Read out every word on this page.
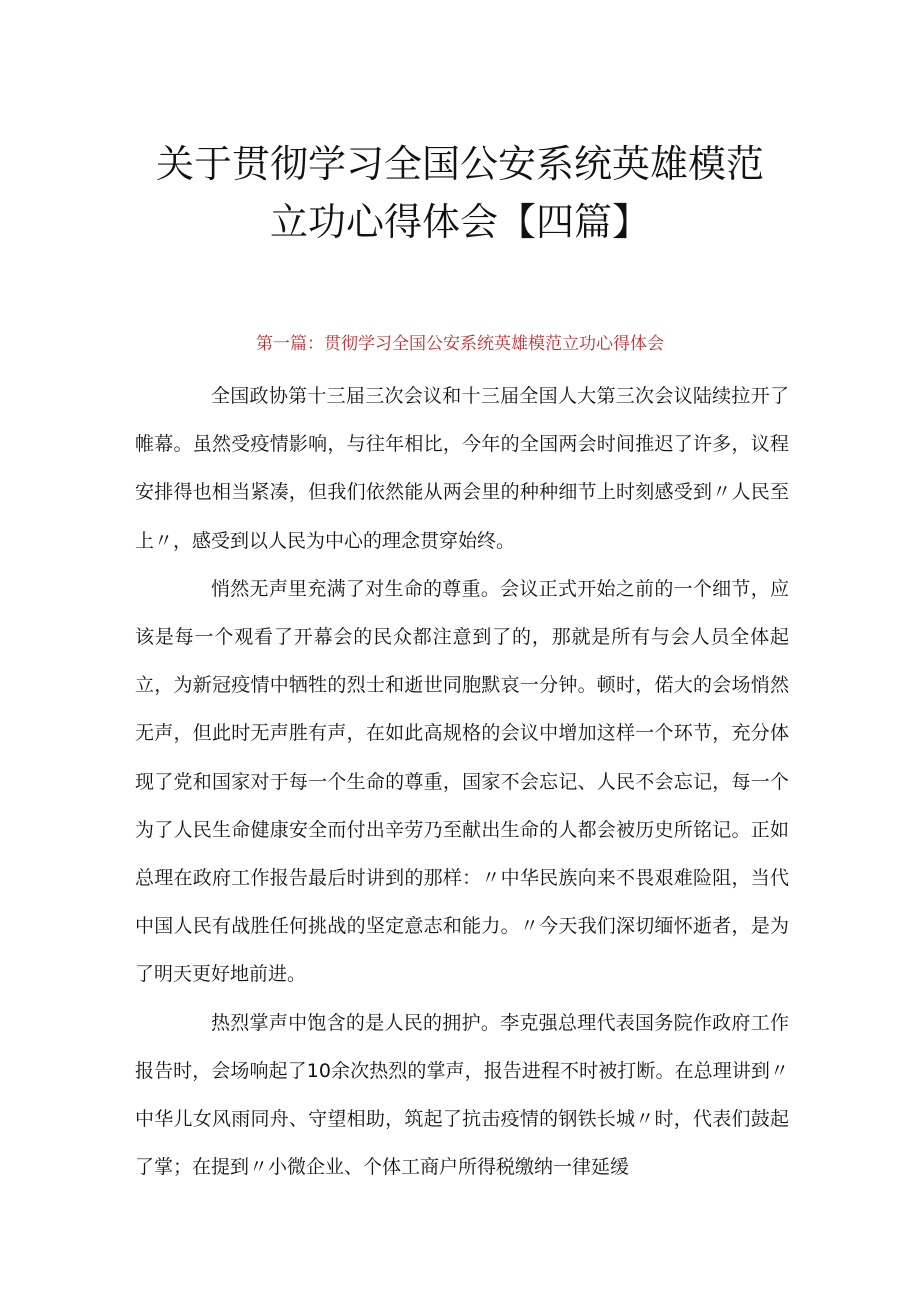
关于贯彻学习全国公安系统英雄模范
立功心得体会【四篇】
第一篇：贯彻学习全国公安系统英雄模范立功心得体会

全国政协第十三届三次会议和十三届全国人大第三次会议陆续拉开了帷幕。虽然受疫情影响，与往年相比，今年的全国两会时间推迟了许多，议程安排得也相当紧凑，但我们依然能从两会里的种种细节上时刻感受到〃人民至上〃，感受到以人民为中心的理念贯穿始终。

悄然无声里充满了对生命的尊重。会议正式开始之前的一个细节，应该是每一个观看了开幕会的民众都注意到了的，那就是所有与会人员全体起立，为新冠疫情中牺牲的烈士和逝世同胞默哀一分钟。顿时，偌大的会场悄然无声，但此时无声胜有声，在如此高规格的会议中增加这样一个环节，充分体现了党和国家对于每一个生命的尊重，国家不会忘记、人民不会忘记，每一个为了人民生命健康安全而付出辛劳乃至献出生命的人都会被历史所铭记。正如总理在政府工作报告最后时讲到的那样：〃中华民族向来不畏艰难险阻，当代中国人民有战胜任何挑战的坚定意志和能力。〃今天我们深切缅怀逝者，是为了明天更好地前进。

热烈掌声中饱含的是人民的拥护。李克强总理代表国务院作政府工作报告时，会场响起了10余次热烈的掌声，报告进程不时被打断。在总理讲到〃中华儿女风雨同舟、守望相助，筑起了抗击疫情的钢铁长城〃时，代表们鼓起了掌；在提到〃小微企业、个体工商户所得税缴纳一律延缓
